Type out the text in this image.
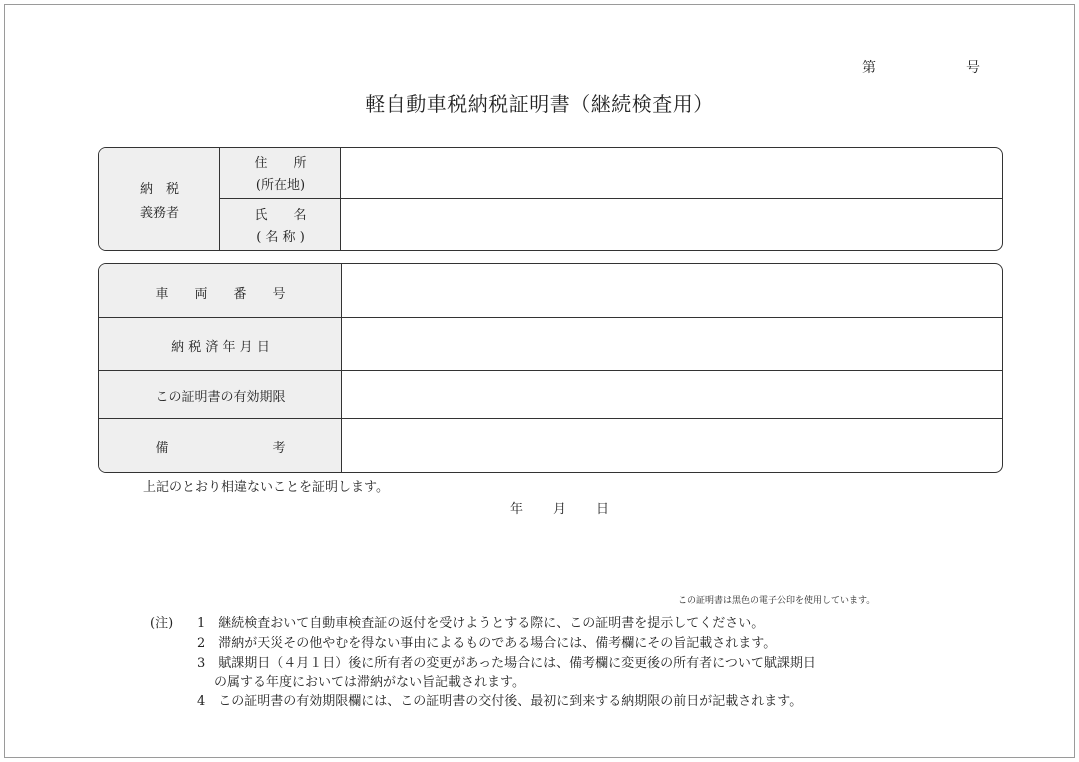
第	号
軽自動車税納税証明書（継続検査用）
納　税
義務者
住　　所
(所在地)
氏　　名
( 名 称 )
車　　両　　番　　号
納 税 済 年 月 日
この証明書の有効期限
備　　　　　　　　考
上記のとおり相違ないことを証明します。
年 月 日
この証明書は黒色の電子公印を使用しています。
(注) 1　継続検査おいて自動車検査証の返付を受けようとする際に、この証明書を提示してください。
2　滞納が天災その他やむを得ない事由によるものである場合には、備考欄にその旨記載されます。
3　賦課期日（４月１日）後に所有者の変更があった場合には、備考欄に変更後の所有者について賦課期日
の属する年度においては滞納がない旨記載されます。
4　この証明書の有効期限欄には、この証明書の交付後、最初に到来する納期限の前日が記載されます。
